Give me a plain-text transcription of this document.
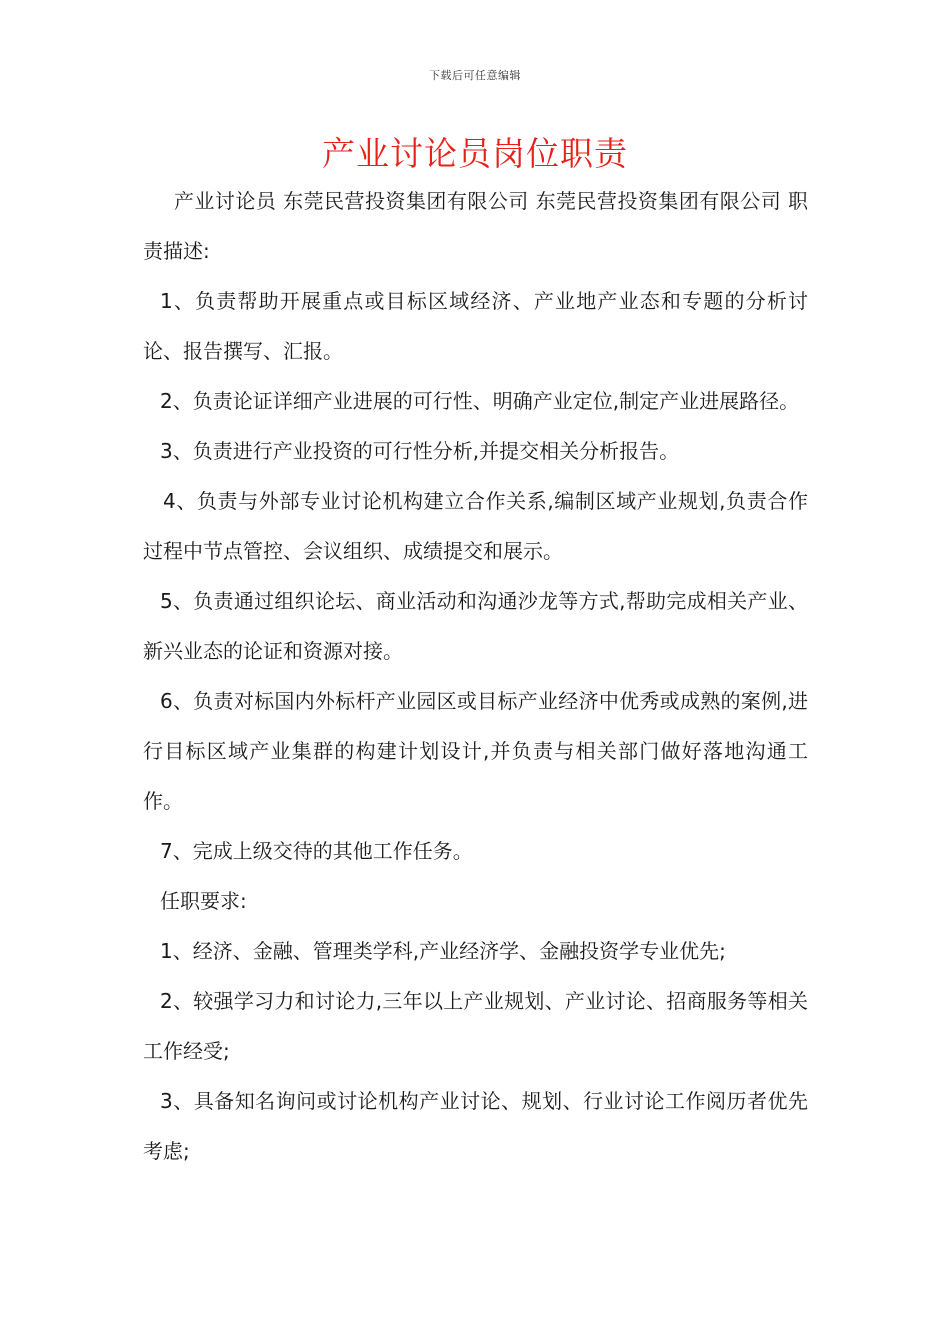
下载后可任意编辑
产业讨论员岗位职责

产业讨论员 东莞民营投资集团有限公司 东莞民营投资集团有限公司 职责描述:

1、负责帮助开展重点或目标区域经济、产业地产业态和专题的分析讨论、报告撰写、汇报。

2、负责论证详细产业进展的可行性、明确产业定位,制定产业进展路径。

3、负责进行产业投资的可行性分析,并提交相关分析报告。

4、负责与外部专业讨论机构建立合作关系,编制区域产业规划,负责合作过程中节点管控、会议组织、成绩提交和展示。

5、负责通过组织论坛、商业活动和沟通沙龙等方式,帮助完成相关产业、新兴业态的论证和资源对接。

6、负责对标国内外标杆产业园区或目标产业经济中优秀或成熟的案例,进行目标区域产业集群的构建计划设计,并负责与相关部门做好落地沟通工作。

7、完成上级交待的其他工作任务。

任职要求:

1、经济、金融、管理类学科,产业经济学、金融投资学专业优先;

2、较强学习力和讨论力,三年以上产业规划、产业讨论、招商服务等相关工作经受;

3、具备知名询问或讨论机构产业讨论、规划、行业讨论工作阅历者优先考虑;
